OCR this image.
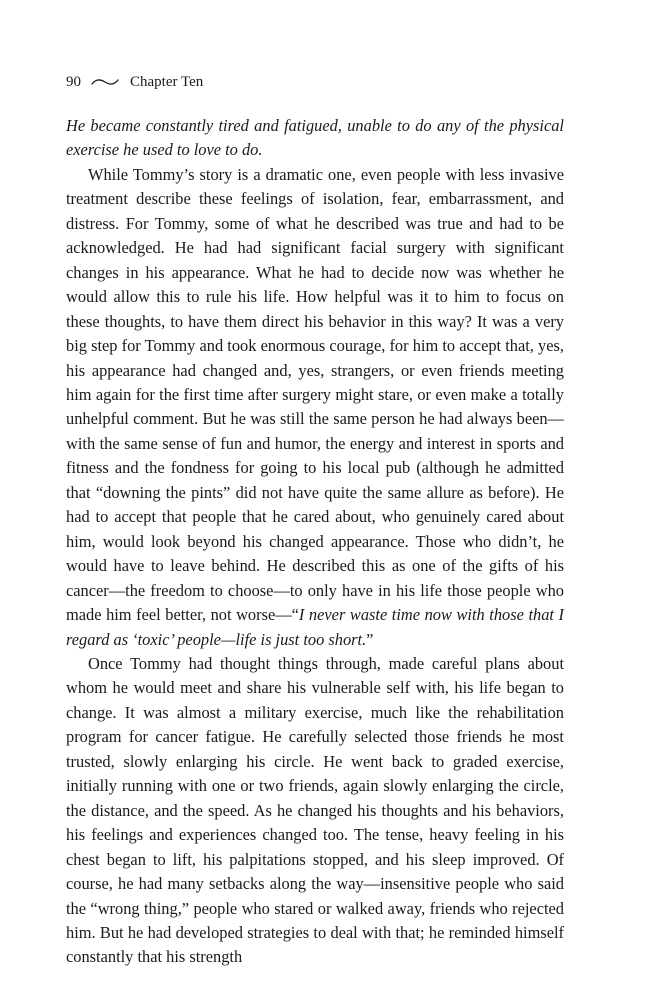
90	Chapter Ten

He became constantly tired and fatigued, unable to do any of the physical exercise he used to love to do.

While Tommy’s story is a dramatic one, even people with less invasive treatment describe these feelings of isolation, fear, embarrassment, and distress. For Tommy, some of what he described was true and had to be acknowledged. He had had significant facial surgery with significant changes in his appearance. What he had to decide now was whether he would allow this to rule his life. How helpful was it to him to focus on these thoughts, to have them direct his behavior in this way? It was a very big step for Tommy and took enormous courage, for him to accept that, yes, his appearance had changed and, yes, strangers, or even friends meeting him again for the first time after surgery might stare, or even make a totally unhelpful comment. But he was still the same person he had always been—with the same sense of fun and humor, the energy and interest in sports and fitness and the fondness for going to his local pub (although he admitted that “downing the pints” did not have quite the same allure as before). He had to accept that people that he cared about, who genuinely cared about him, would look beyond his changed appearance. Those who didn’t, he would have to leave behind. He described this as one of the gifts of his cancer—the freedom to choose—to only have in his life those people who made him feel better, not worse—“I never waste time now with those that I regard as ‘toxic’ people—life is just too short.”

Once Tommy had thought things through, made careful plans about whom he would meet and share his vulnerable self with, his life began to change. It was almost a military exercise, much like the rehabilitation program for cancer fatigue. He carefully selected those friends he most trusted, slowly enlarging his circle. He went back to graded exercise, initially running with one or two friends, again slowly enlarging the circle, the distance, and the speed. As he changed his thoughts and his behaviors, his feelings and experiences changed too. The tense, heavy feeling in his chest began to lift, his palpitations stopped, and his sleep improved. Of course, he had many setbacks along the way—insensitive people who said the “wrong thing,” people who stared or walked away, friends who rejected him. But he had developed strategies to deal with that; he reminded himself constantly that his strength
